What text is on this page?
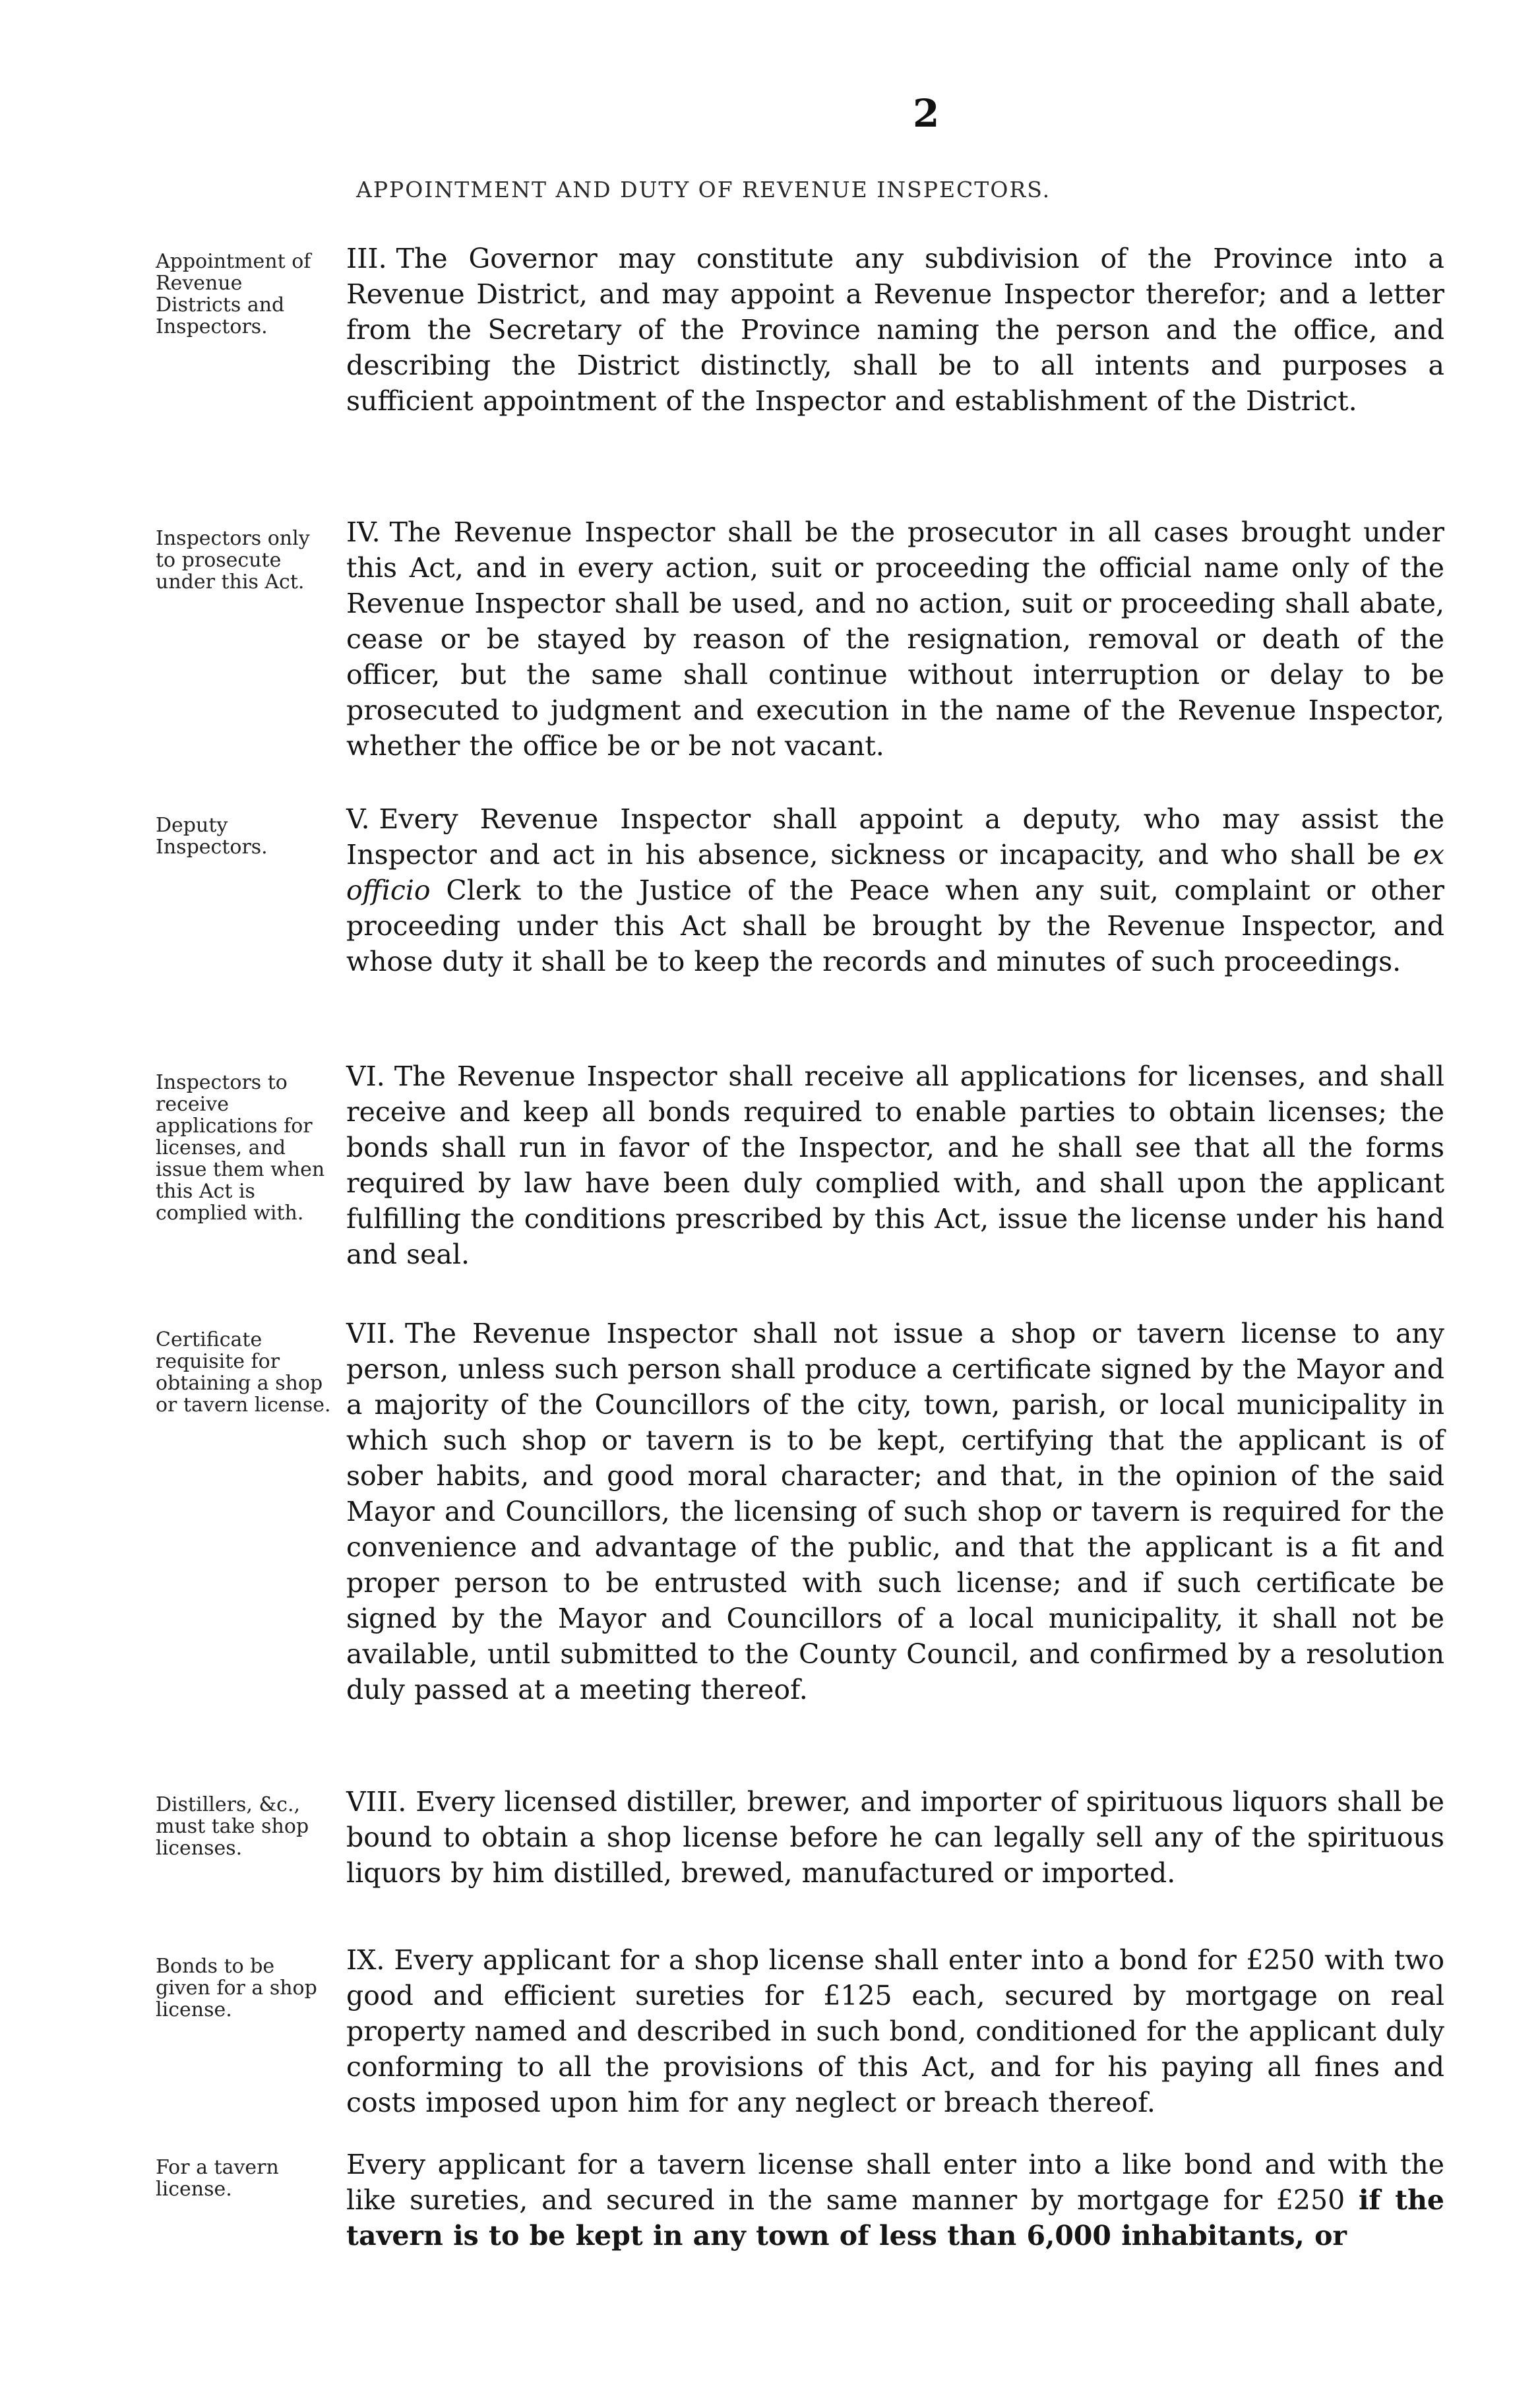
2
APPOINTMENT AND DUTY OF REVENUE INSPECTORS.
Appointment of Revenue Districts and Inspectors.
III. The Governor may constitute any subdivision of the Province into a Revenue District, and may appoint a Revenue Inspector therefor; and a letter from the Secretary of the Province naming the person and the office, and describing the District distinctly, shall be to all intents and purposes a sufficient appointment of the Inspector and establishment of the District.
Inspectors only to prosecute under this Act.
IV. The Revenue Inspector shall be the prosecutor in all cases brought under this Act, and in every action, suit or proceeding the official name only of the Revenue Inspector shall be used, and no action, suit or proceeding shall abate, cease or be stayed by reason of the resignation, removal or death of the officer, but the same shall continue without interruption or delay to be prosecuted to judgment and execution in the name of the Revenue Inspector, whether the office be or be not vacant.
Deputy Inspectors.
V. Every Revenue Inspector shall appoint a deputy, who may assist the Inspector and act in his absence, sickness or incapacity, and who shall be ex officio Clerk to the Justice of the Peace when any suit, complaint or other proceeding under this Act shall be brought by the Revenue Inspector, and whose duty it shall be to keep the records and minutes of such proceedings.
Inspectors to receive applications for licenses, and issue them when this Act is complied with.
VI. The Revenue Inspector shall receive all applications for licenses, and shall receive and keep all bonds required to enable parties to obtain licenses; the bonds shall run in favor of the Inspector, and he shall see that all the forms required by law have been duly complied with, and shall upon the applicant fulfilling the conditions prescribed by this Act, issue the license under his hand and seal.
Certificate requisite for obtaining a shop or tavern license.
VII. The Revenue Inspector shall not issue a shop or tavern license to any person, unless such person shall produce a certificate signed by the Mayor and a majority of the Councillors of the city, town, parish, or local municipality in which such shop or tavern is to be kept, certifying that the applicant is of sober habits, and good moral character; and that, in the opinion of the said Mayor and Councillors, the licensing of such shop or tavern is required for the convenience and advantage of the public, and that the applicant is a fit and proper person to be entrusted with such license; and if such certificate be signed by the Mayor and Councillors of a local municipality, it shall not be available, until submitted to the County Council, and confirmed by a resolution duly passed at a meeting thereof.
Distillers, &c., must take shop licenses.
VIII. Every licensed distiller, brewer, and importer of spirituous liquors shall be bound to obtain a shop license before he can legally sell any of the spirituous liquors by him distilled, brewed, manufactured or imported.
Bonds to be given for a shop license.
IX. Every applicant for a shop license shall enter into a bond for £250 with two good and efficient sureties for £125 each, secured by mortgage on real property named and described in such bond, conditioned for the applicant duly conforming to all the provisions of this Act, and for his paying all fines and costs imposed upon him for any neglect or breach thereof.
For a tavern license.
Every applicant for a tavern license shall enter into a like bond and with the like sureties, and secured in the same manner by mortgage for £250 if the tavern is to be kept in any town of less than 6,000 inhabitants, or
